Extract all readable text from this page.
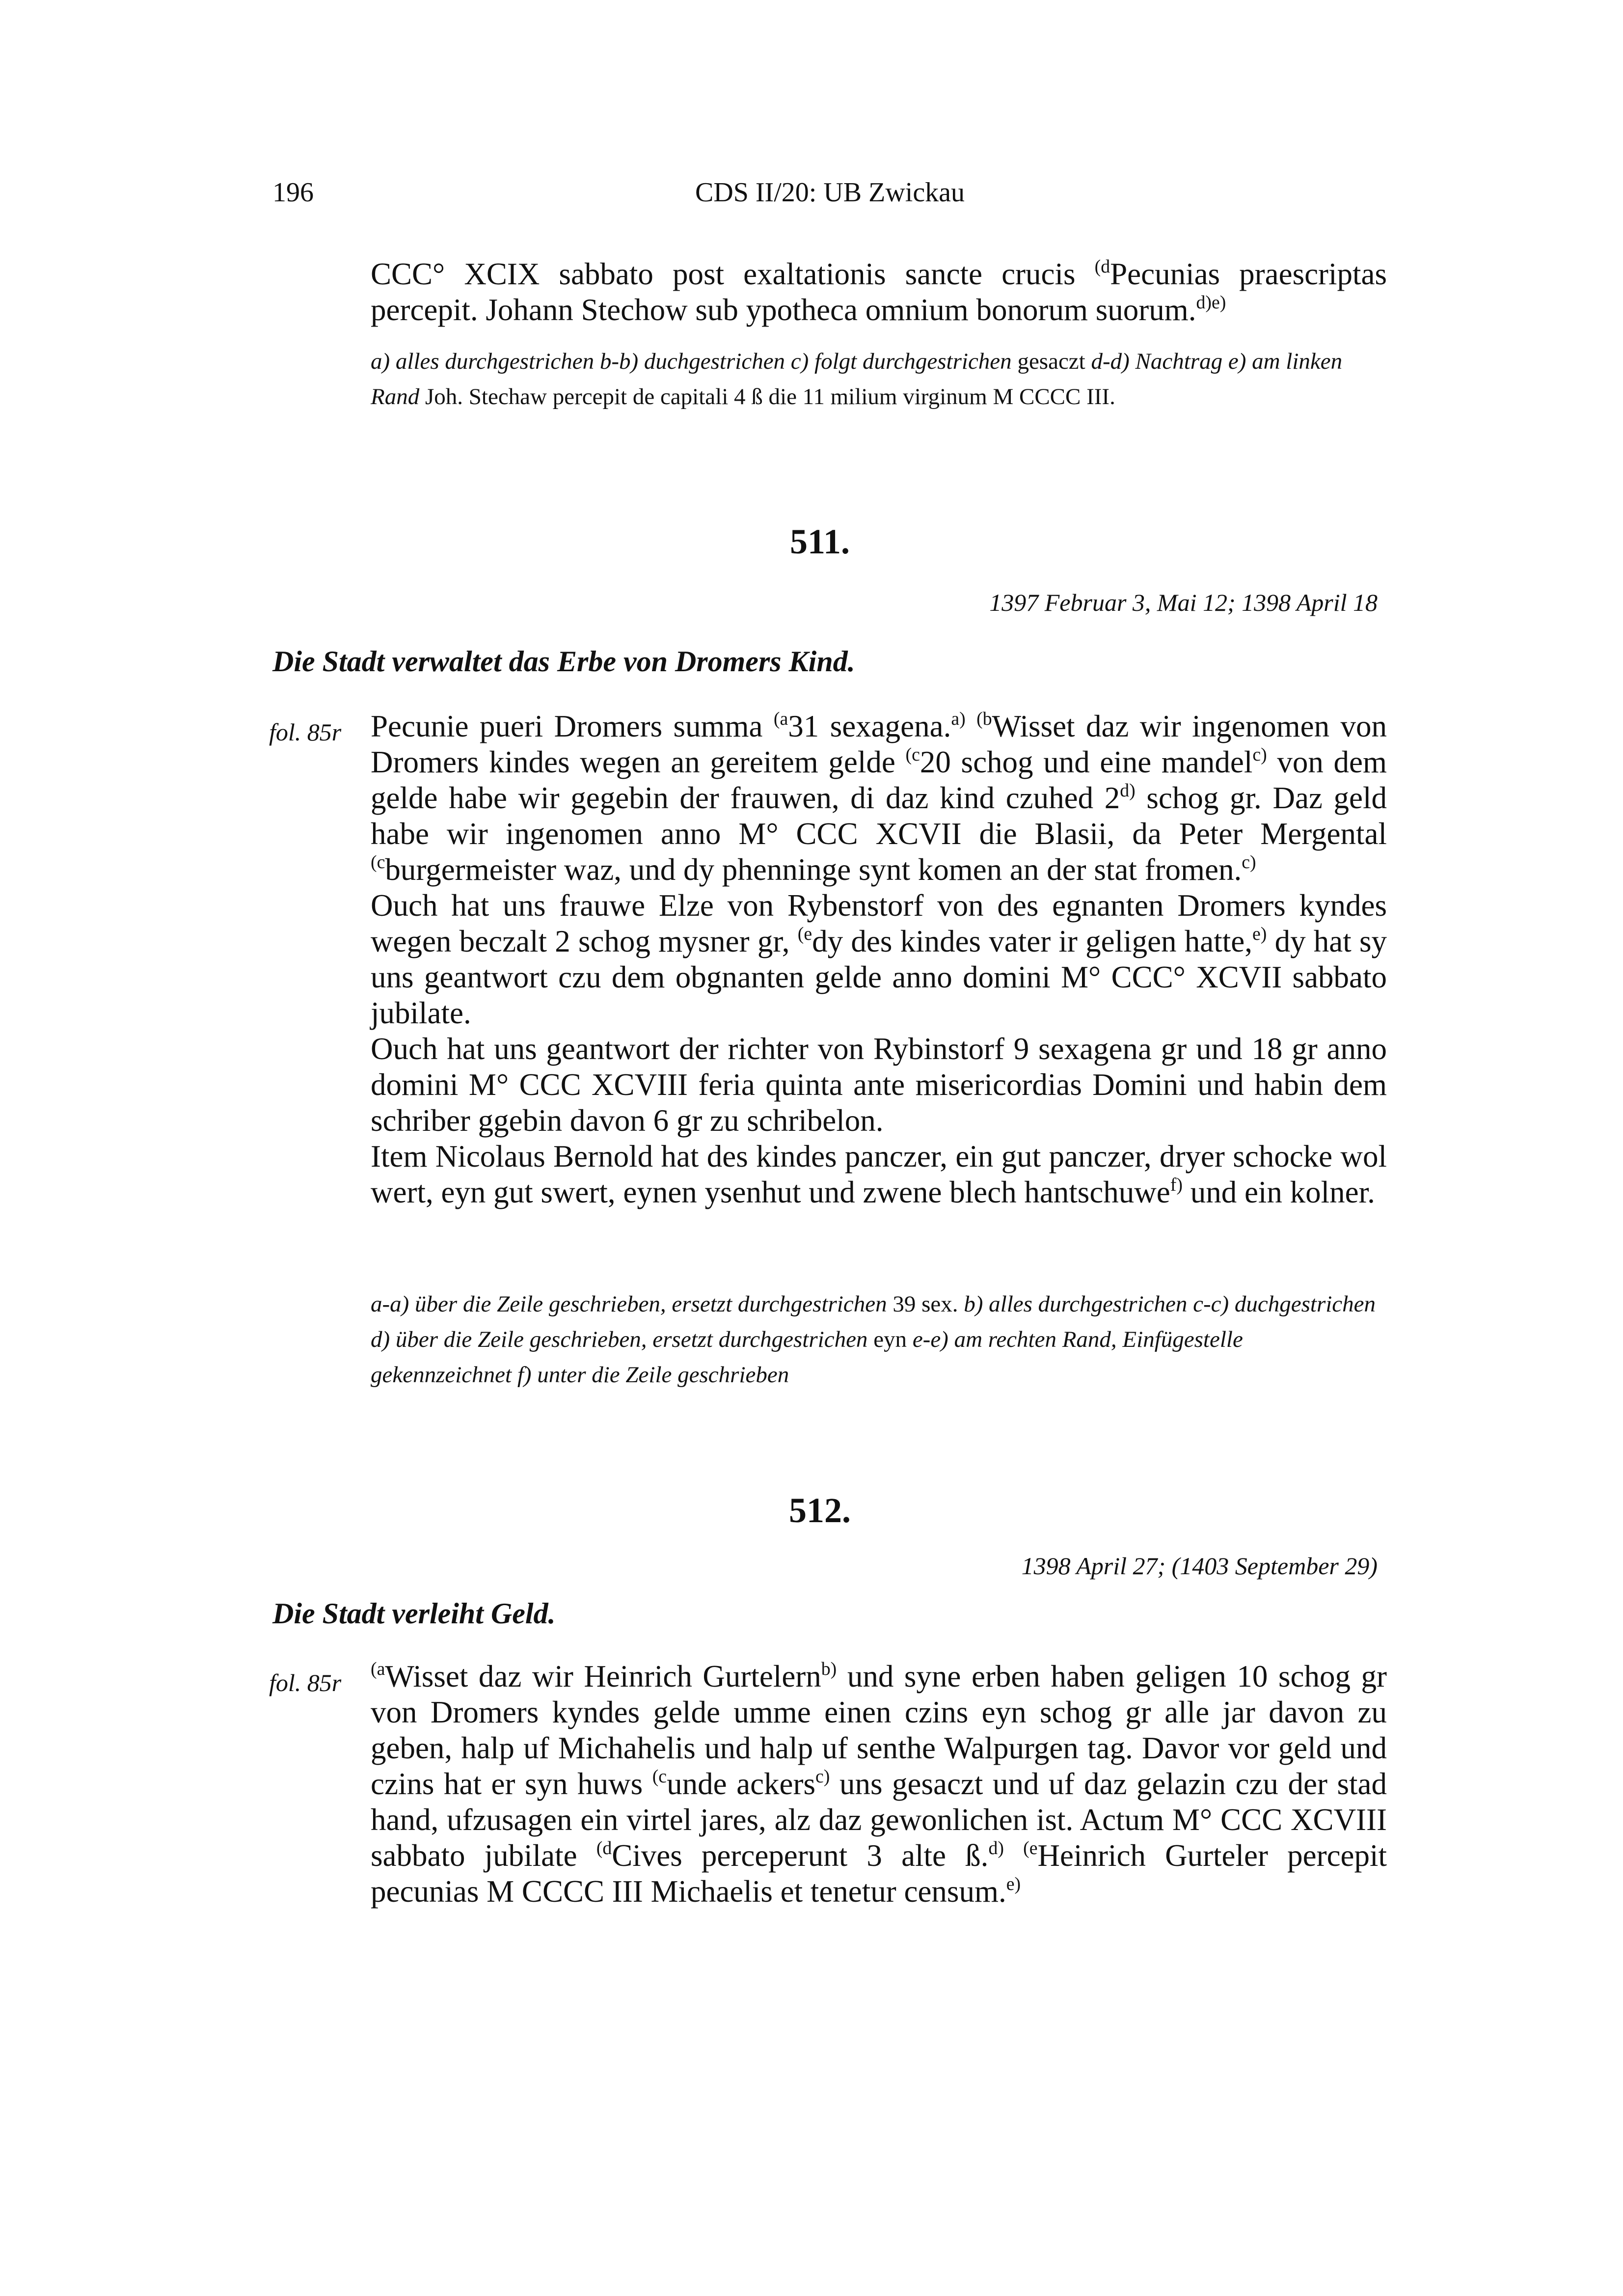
196	CDS II/20: UB Zwickau
CCC° XCIX sabbato post exaltationis sancte crucis $^{(d}$Pecunias praescriptas percepit. Johann Stechow sub ypotheca omnium bonorum suorum.$^{d)e)}$
a) alles durchgestrichen b-b) duchgestrichen c) folgt durchgestrichen gesaczt d-d) Nachtrag e) am linken Rand Joh. Stechaw percepit de capitali 4 ß die 11 milium virginum M CCCC III.
511.
1397 Februar 3, Mai 12; 1398 April 18
Die Stadt verwaltet das Erbe von Dromers Kind.
fol. 85r Pecunie pueri Dromers summa $^{(a}$31 sexagena.$^{a)}$ $^{(b}$Wisset daz wir ingenomen von Dromers kindes wegen an gereitem gelde $^{(c}$20 schog und eine mandel$^{c)}$ von dem gelde habe wir gegebin der frauwen, di daz kind czuhed 2$^{d)}$ schog gr. Daz geld habe wir ingenomen anno M° CCC XCVII die Blasii, da Peter Mergental $^{(c}$burgermeister waz, und dy phenninge synt komen an der stat fromen.$^{c)}$

Ouch hat uns frauwe Elze von Rybenstorf von des egnanten Dromers kyndes wegen beczalt 2 schog mysner gr, $^{(e}$dy des kindes vater ir geligen hatte,$^{e)}$ dy hat sy uns geantwort czu dem obgnanten gelde anno domini M° CCC° XCVII sabbato jubilate.

Ouch hat uns geantwort der richter von Rybinstorf 9 sexagena gr und 18 gr anno domini M° CCC XCVIII feria quinta ante misericordias Domini und habin dem schriber ggebin davon 6 gr zu schribelon.

Item Nicolaus Bernold hat des kindes panczer, ein gut panczer, dryer schocke wol wert, eyn gut swert, eynen ysenhut und zwene blech hantschuwe$^{f)}$ und ein kolner.

a-a) über die Zeile geschrieben, ersetzt durchgestrichen 39 sex. b) alles durchgestrichen c-c) duchgestrichen d) über die Zeile geschrieben, ersetzt durchgestrichen eyn e-e) am rechten Rand, Einfügestelle gekennzeichnet f) unter die Zeile geschrieben
512.
1398 April 27; (1403 September 29)
Die Stadt verleiht Geld.
fol. 85r $^{(a}$Wisset daz wir Heinrich Gurtelern$^{b)}$ und syne erben haben geligen 10 schog gr von Dromers kyndes gelde umme einen czins eyn schog gr alle jar davon zu geben, halp uf Michahelis und halp uf senthe Walpurgen tag. Davor vor geld und czins hat er syn huws $^{(c}$unde ackers$^{c)}$ uns gesaczt und uf daz gelazin czu der stad hand, ufzusagen ein virtel jares, alz daz gewonlichen ist. Actum M° CCC XCVIII sabbato jubilate $^{(d}$Cives perceperunt 3 alte ß.$^{d)}$ $^{(e}$Heinrich Gurteler percepit pecunias M CCCC III Michaelis et tenetur censum.$^{e)}$
